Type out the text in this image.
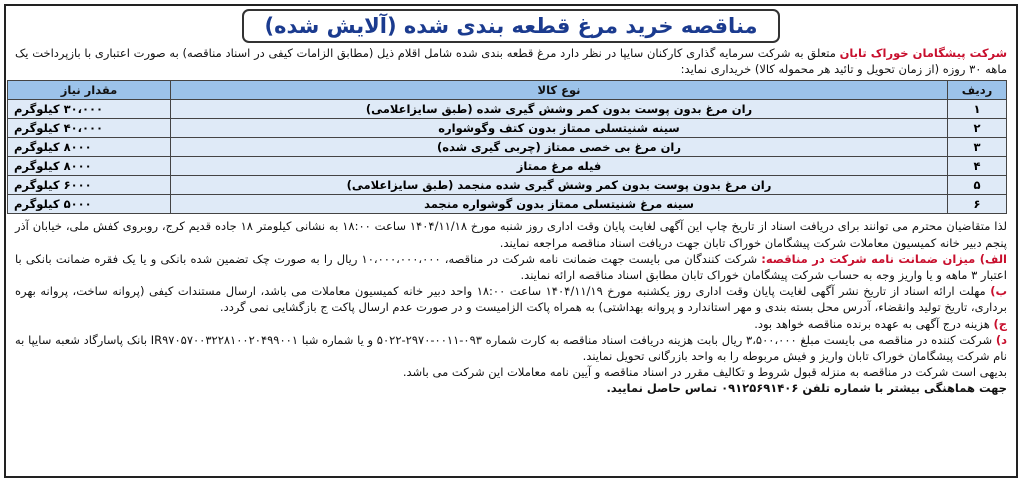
مناقصه خرید مرغ قطعه بندی شده (آلایش شده)

شرکت پیشگامان خوراک تابان متعلق به شرکت سرمایه گذاری کارکنان سایپا در نظر دارد مرغ قطعه بندی شده شامل اقلام ذیل (مطابق الزامات کیفی در اسناد مناقصه) به صورت اعتباری با بازپرداخت یک ماهه ۳۰ روزه (از زمان تحویل و تائید هر محموله کالا) خریداری نماید:

ردیف	نوع کالا	مقدار نیاز
۱	ران مرغ بدون پوست بدون کمر وشش گیری شده (طبق سایزاعلامی)	۳۰،۰۰۰ کیلوگرم
۲	سینه شنیتسلی ممتاز بدون کتف وگوشواره	۴۰،۰۰۰ کیلوگرم
۳	ران مرغ بی خصی ممتاز (چربی گیری شده)	۸۰۰۰ کیلوگرم
۴	فیله مرغ ممتاز	۸۰۰۰ کیلوگرم
۵	ران مرغ بدون پوست بدون کمر وشش گیری شده منجمد (طبق سایزاعلامی)	۶۰۰۰ کیلوگرم
۶	سینه مرغ شنیتسلی ممتاز بدون گوشواره منجمد	۵۰۰۰ کیلوگرم

لذا متقاضیان محترم می توانند برای دریافت اسناد از تاریخ چاپ این آگهی لغایت پایان وقت اداری روز شنبه مورخ ۱۴۰۴/۱۱/۱۸ ساعت ۱۸:۰۰ به نشانی کیلومتر ۱۸ جاده قدیم کرج، روبروی کفش ملی، خیابان آذر پنجم دبیر خانه کمیسیون معاملات شرکت پیشگامان خوراک تابان جهت دریافت اسناد مناقصه مراجعه نمایند.

الف) میزان ضمانت نامه شرکت در مناقصه: شرکت کنندگان می بایست جهت ضمانت نامه شرکت در مناقصه، ۱۰،۰۰۰،۰۰۰،۰۰۰ ریال را به صورت چک تضمین شده بانکی و یا یک فقره ضمانت بانکی با اعتبار ۳ ماهه و یا واریز وجه به حساب شرکت پیشگامان خوراک تابان مطابق اسناد مناقصه ارائه نمایند.

ب) مهلت ارائه اسناد از تاریخ نشر آگهی لغایت پایان وقت اداری روز یکشنبه مورخ ۱۴۰۴/۱۱/۱۹ ساعت ۱۸:۰۰ واحد دبیر خانه کمیسیون معاملات می باشد، ارسال مستندات کیفی (پروانه ساخت، پروانه بهره برداری، تاریخ تولید وانقضاء، آدرس محل بسته بندی و مهر استاندارد و پروانه بهداشتی) به همراه پاکت الزامیست و در صورت عدم ارسال پاکت ج بازگشایی نمی گردد.

ج) هزینه درج آگهی به عهده برنده مناقصه خواهد بود.

د) شرکت کننده در مناقصه می بایست مبلغ ۳،۵۰۰،۰۰۰ ریال بابت هزینه دریافت اسناد مناقصه به کارت شماره ۰۹۳-۰۰۱۱-۲۹۷۰-۵۰۲۲ و یا شماره شبا IR۹۷۰۵۷۰۰۳۲۲۸۱۰۰۲۰۴۹۹۰۰۱ بانک پاسارگاد شعبه سایپا به نام شرکت پیشگامان خوراک تابان واریز و فیش مربوطه را به واحد بازرگانی تحویل نمایند.

بدیهی است شرکت در مناقصه به منزله قبول شروط و تکالیف مقرر در اسناد مناقصه و آیین نامه معاملات این شرکت می باشد.

جهت هماهنگی بیشتر با شماره تلفن ۰۹۱۲۵۶۹۱۴۰۶ تماس حاصل نمایید.
